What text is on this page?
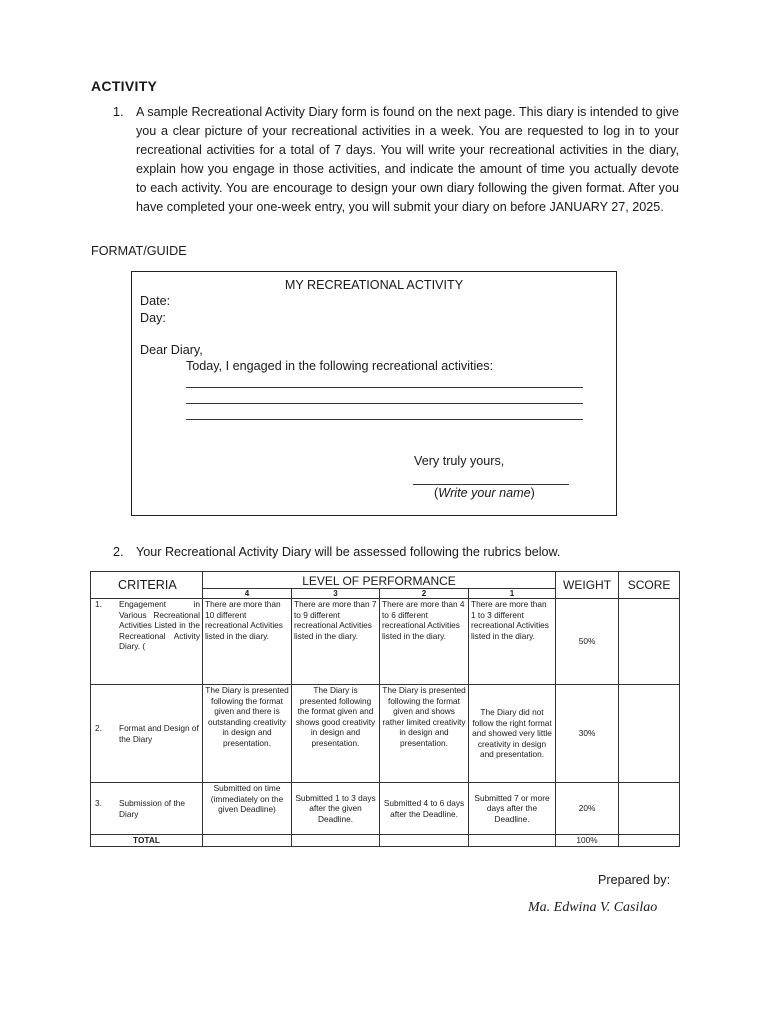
ACTIVITY
1. A sample Recreational Activity Diary form is found on the next page. This diary is intended to give you a clear picture of your recreational activities in a week. You are requested to log in to your recreational activities for a total of 7 days. You will write your recreational activities in the diary, explain how you engage in those activities, and indicate the amount of time you actually devote to each activity. You are encourage to design your own diary following the given format. After you have completed your one-week entry, you will submit your diary on before JANUARY 27, 2025.
FORMAT/GUIDE
MY RECREATIONAL ACTIVITY
Date:
Day:
Dear Diary,
Today, I engaged in the following recreational activities:
Very truly yours,
(Write your name)
2. Your Recreational Activity Diary will be assessed following the rubrics below.
CRITERIA	LEVEL OF PERFORMANCE				WEIGHT	SCORE
	4	3	2	1		

1. Engagement in Various Recreational Activities Listed in the Recreational Activity Diary. (	There are more than 10 different recreational Activities listed in the diary.	There are more than 7 to 9 different recreational Activities listed in the diary.	There are more than 4 to 6 different recreational Activities listed in the diary.	There are more than 1 to 3 different recreational Activities listed in the diary.	50%	

2. Format and Design of the Diary	The Diary is presented following the format given and there is outstanding creativity in design and presentation.	The Diary is presented following the format given and shows good creativity in design and presentation.	The Diary is presented following the format given and shows rather limited creativity in design and presentation.	The Diary did not follow the right format and showed very little creativity in design and presentation.	30%	

3. Submission of the Diary	Submitted on time (immediately on the given Deadline)	Submitted 1 to 3 days after the given Deadline.	Submitted 4 to 6 days after the Deadline.	Submitted 7 or more days after the Deadline.	20%	
TOTAL					100%	
Prepared by:
Ma. Edwina V. Casilao
